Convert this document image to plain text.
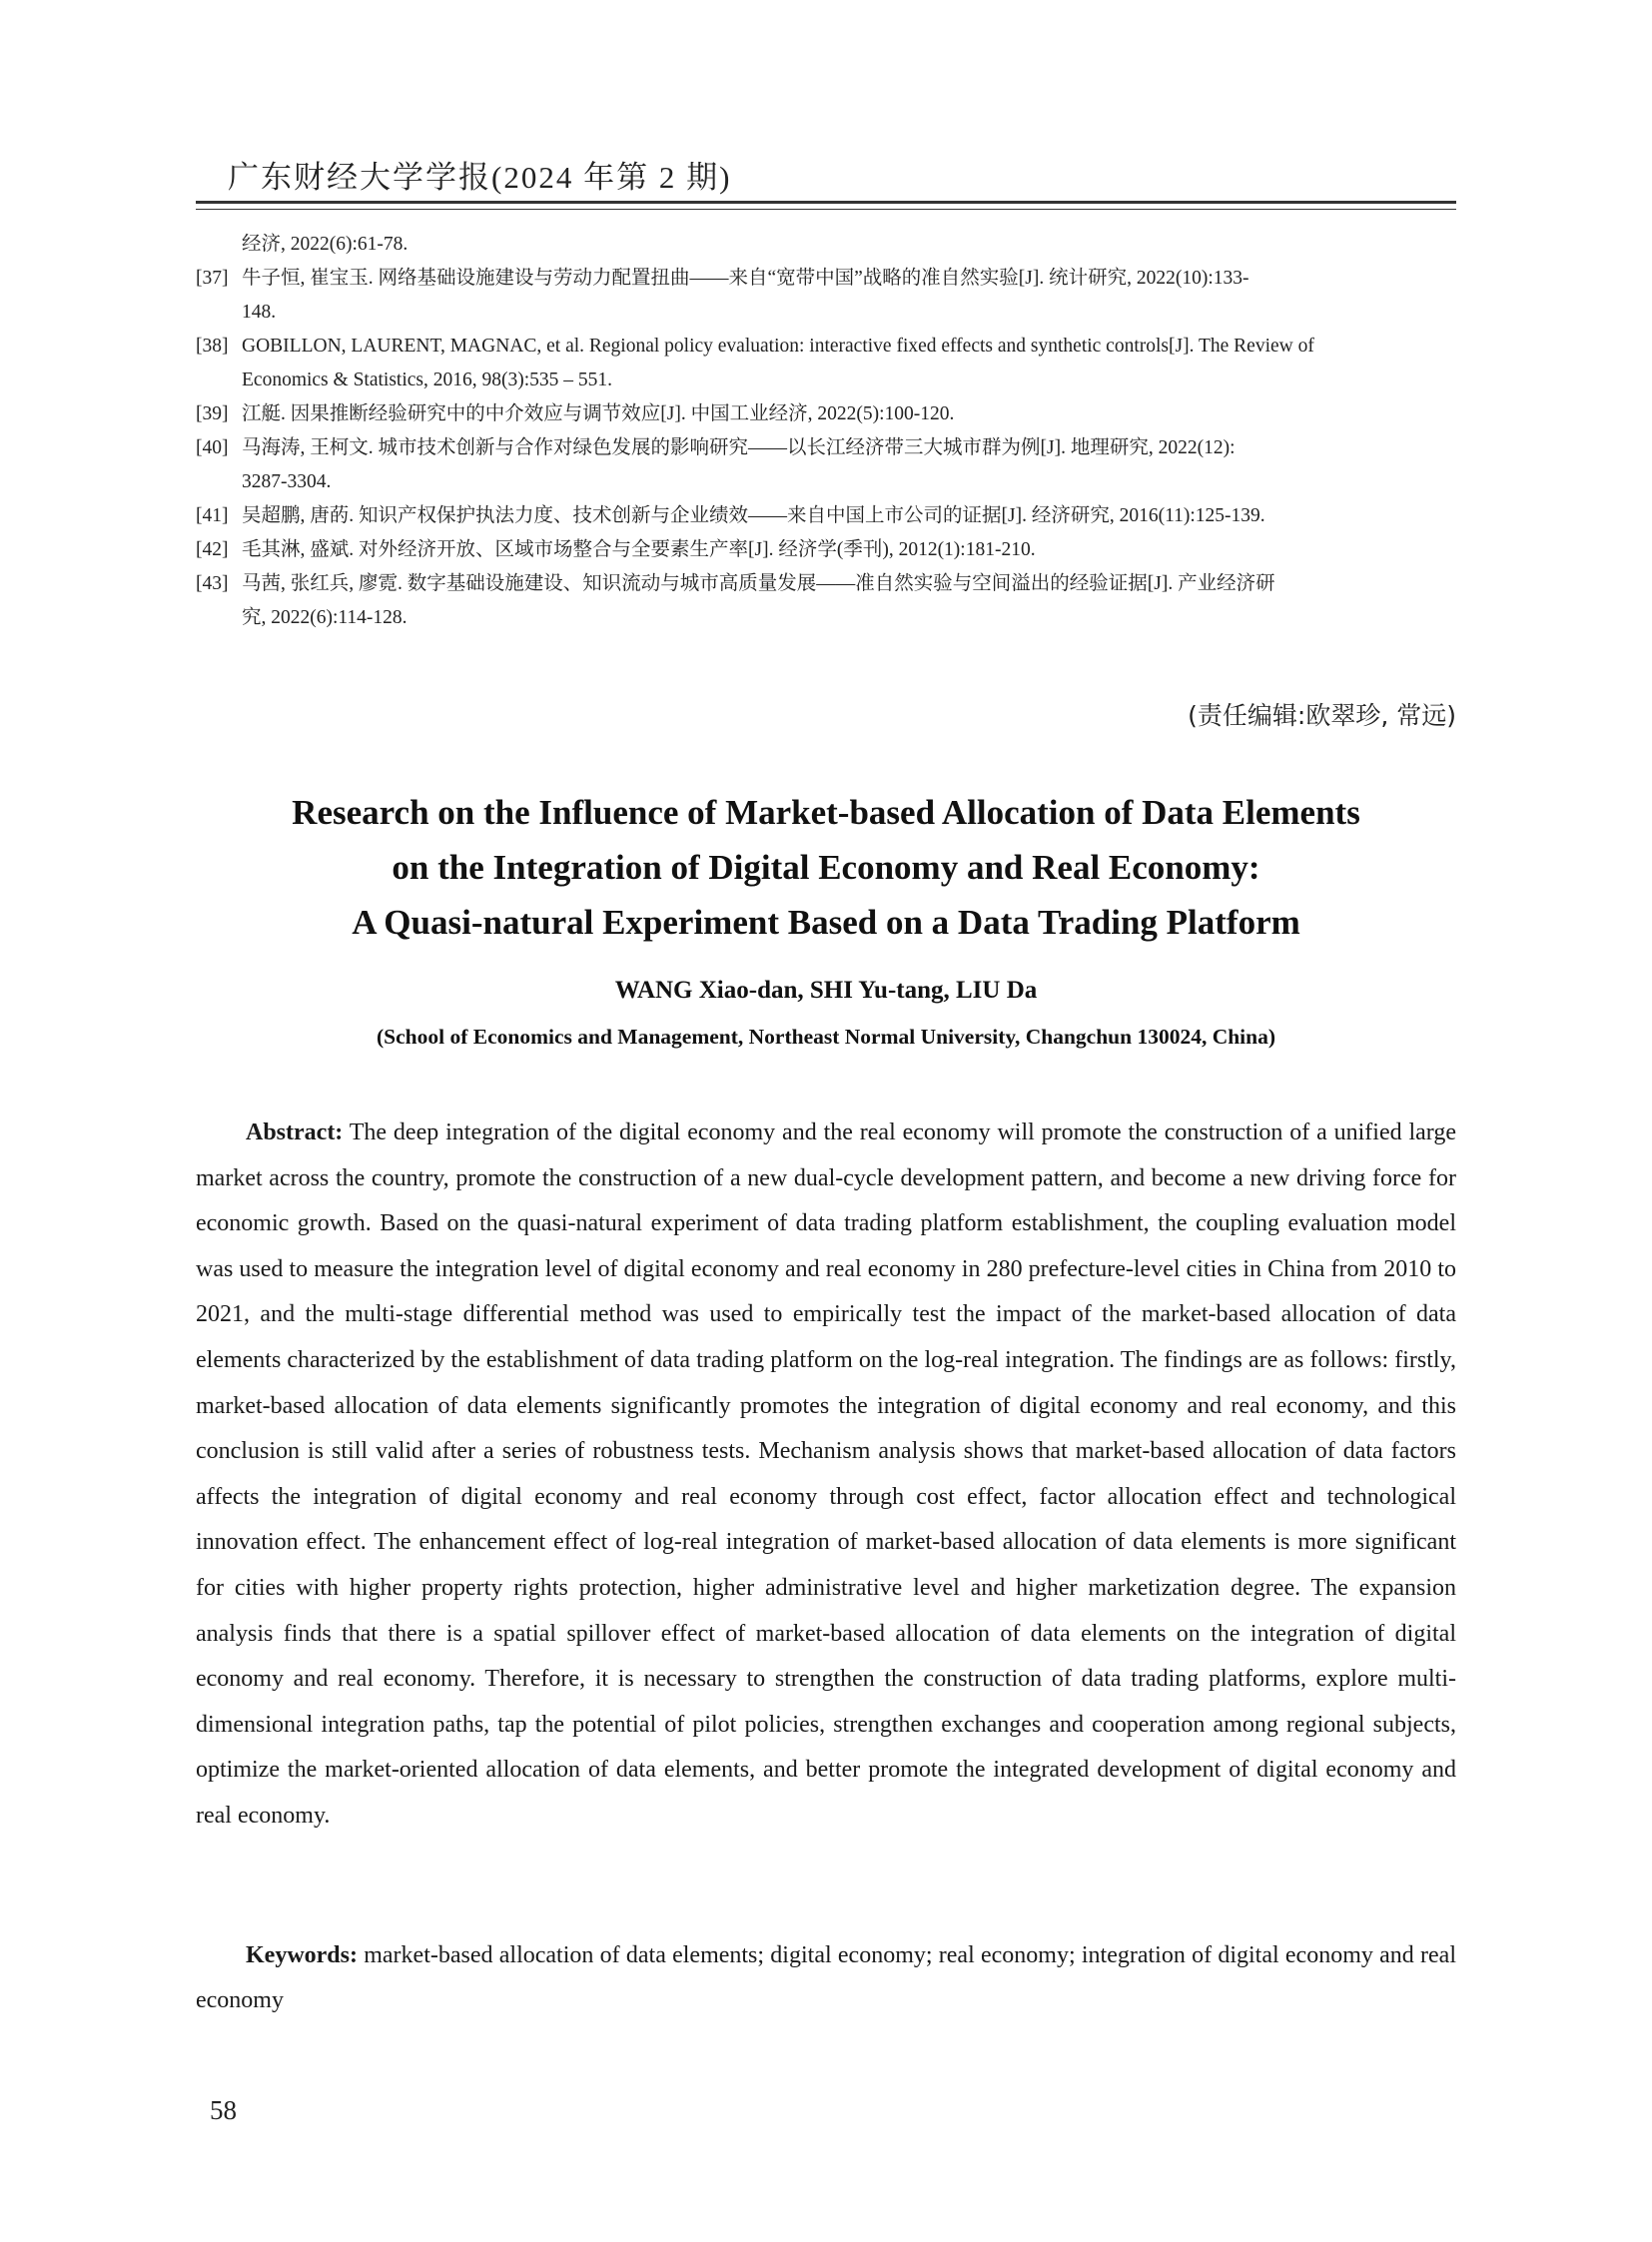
广东财经大学学报(2024 年第 2 期)
经济, 2022(6):61-78.
[37] 牛子恒, 崔宝玉. 网络基础设施建设与劳动力配置扭曲——来自“宽带中国”战略的准自然实验[J]. 统计研究, 2022(10):133-
148.
[38] GOBILLON, LAURENT, MAGNAC, et al. Regional policy evaluation: interactive fixed effects and synthetic controls[J]. The Review of
Economics & Statistics, 2016, 98(3):535 – 551.
[39] 江艇. 因果推断经验研究中的中介效应与调节效应[J]. 中国工业经济, 2022(5):100-120.
[40] 马海涛, 王柯文. 城市技术创新与合作对绿色发展的影响研究——以长江经济带三大城市群为例[J]. 地理研究, 2022(12):
3287-3304.
[41] 吴超鹏, 唐菂. 知识产权保护执法力度、技术创新与企业绩效——来自中国上市公司的证据[J]. 经济研究, 2016(11):125-139.
[42] 毛其淋, 盛斌. 对外经济开放、区域市场整合与全要素生产率[J]. 经济学(季刊), 2012(1):181-210.
[43] 马茜, 张红兵, 廖霓. 数字基础设施建设、知识流动与城市高质量发展——准自然实验与空间溢出的经验证据[J]. 产业经济研
究, 2022(6):114-128.
(责任编辑:欧翠珍, 常远)
Research on the Influence of Market-based Allocation of Data Elements
on the Integration of Digital Economy and Real Economy:
A Quasi-natural Experiment Based on a Data Trading Platform
WANG Xiao-dan, SHI Yu-tang, LIU Da
(School of Economics and Management, Northeast Normal University, Changchun 130024, China)
Abstract: The deep integration of the digital economy and the real economy will promote the construction of a unified large market across the country, promote the construction of a new dual-cycle development pattern, and become a new driving force for economic growth. Based on the quasi-natural experiment of data trading platform establishment, the coupling evaluation model was used to measure the integration level of digital economy and real economy in 280 prefecture-level cities in China from 2010 to 2021, and the multi-stage differential method was used to empirically test the impact of the market-based allocation of data elements characterized by the establishment of data trading platform on the log-real integration. The findings are as follows: firstly, market-based allocation of data elements significantly promotes the integration of digital economy and real economy, and this conclusion is still valid after a series of robustness tests. Mechanism analysis shows that market-based allocation of data factors affects the integration of digital economy and real economy through cost effect, factor allocation effect and technological innovation effect. The enhancement effect of log-real integration of market-based allocation of data elements is more significant for cities with higher property rights protection, higher administrative level and higher marketization degree. The expansion analysis finds that there is a spatial spillover effect of market-based allocation of data elements on the integration of digital economy and real economy. Therefore, it is necessary to strengthen the construction of data trading platforms, explore multi-dimensional integration paths, tap the potential of pilot policies, strengthen exchanges and cooperation among regional subjects, optimize the market-oriented allocation of data elements, and better promote the integrated development of digital economy and real economy.
Keywords: market-based allocation of data elements; digital economy; real economy; integration of digital economy and real economy
58
